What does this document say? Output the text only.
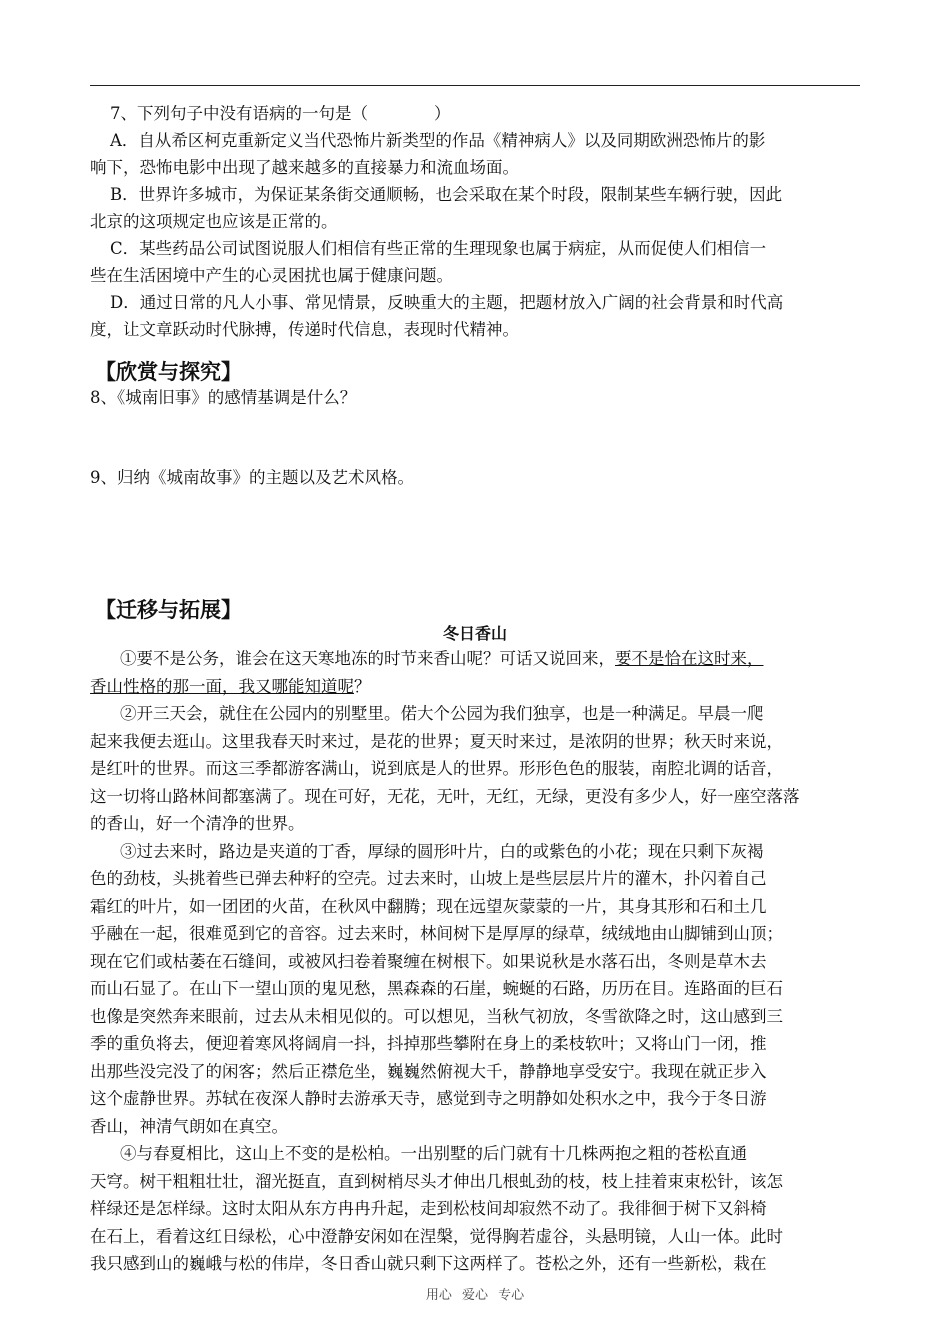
7、下列句子中没有语病的一句是（　　　　）
A．自从希区柯克重新定义当代恐怖片新类型的作品《精神病人》以及同期欧洲恐怖片的影
响下，恐怖电影中出现了越来越多的直接暴力和流血场面。
B．世界许多城市，为保证某条街交通顺畅，也会采取在某个时段，限制某些车辆行驶，因此
北京的这项规定也应该是正常的。
C．某些药品公司试图说服人们相信有些正常的生理现象也属于病症，从而促使人们相信一
些在生活困境中产生的心灵困扰也属于健康问题。
D．通过日常的凡人小事、常见情景，反映重大的主题，把题材放入广阔的社会背景和时代高
度，让文章跃动时代脉搏，传递时代信息，表现时代精神。
【欣赏与探究】
8、《城南旧事》的感情基调是什么？
9、归纳《城南故事》的主题以及艺术风格。
【迁移与拓展】
冬日香山
①要不是公务，谁会在这天寒地冻的时节来香山呢？可话又说回来，要不是恰在这时来，
香山性格的那一面，我又哪能知道呢？
②开三天会，就住在公园内的别墅里。偌大个公园为我们独享，也是一种满足。早晨一爬
起来我便去逛山。这里我春天时来过，是花的世界；夏天时来过，是浓阴的世界；秋天时来说，
是红叶的世界。而这三季都游客满山，说到底是人的世界。形形色色的服装，南腔北调的话音，
这一切将山路林间都塞满了。现在可好，无花，无叶，无红，无绿，更没有多少人，好一座空落落
的香山，好一个清净的世界。
③过去来时，路边是夹道的丁香，厚绿的圆形叶片，白的或紫色的小花；现在只剩下灰褐
色的劲枝，头挑着些已弹去种籽的空壳。过去来时，山坡上是些层层片片的灌木，扑闪着自己
霜红的叶片，如一团团的火苗，在秋风中翻腾；现在远望灰蒙蒙的一片，其身其形和石和土几
乎融在一起，很难觅到它的音容。过去来时，林间树下是厚厚的绿草，绒绒地由山脚铺到山顶；
现在它们或枯萎在石缝间，或被风扫卷着聚缠在树根下。如果说秋是水落石出，冬则是草木去
而山石显了。在山下一望山顶的鬼见愁，黑森森的石崖，蜿蜒的石路，历历在目。连路面的巨石
也像是突然奔来眼前，过去从未相见似的。可以想见，当秋气初放，冬雪欲降之时，这山感到三
季的重负将去，便迎着寒风将阔肩一抖，抖掉那些攀附在身上的柔枝软叶；又将山门一闭，推
出那些没完没了的闲客；然后正襟危坐，巍巍然俯视大千，静静地享受安宁。我现在就正步入
这个虚静世界。苏轼在夜深人静时去游承天寺，感觉到寺之明静如处积水之中，我今于冬日游
香山，神清气朗如在真空。
④与春夏相比，这山上不变的是松柏。一出别墅的后门就有十几株两抱之粗的苍松直通
天穹。树干粗粗壮壮，溜光挺直，直到树梢尽头才伸出几根虬劲的枝，枝上挂着束束松针，该怎
样绿还是怎样绿。这时太阳从东方冉冉升起，走到松枝间却寂然不动了。我徘徊于树下又斜椅
在石上，看着这红日绿松，心中澄静安闲如在涅槃，觉得胸若虚谷，头悬明镜，人山一体。此时
我只感到山的巍峨与松的伟岸，冬日香山就只剩下这两样了。苍松之外，还有一些新松，栽在
用心 爱心 专心
